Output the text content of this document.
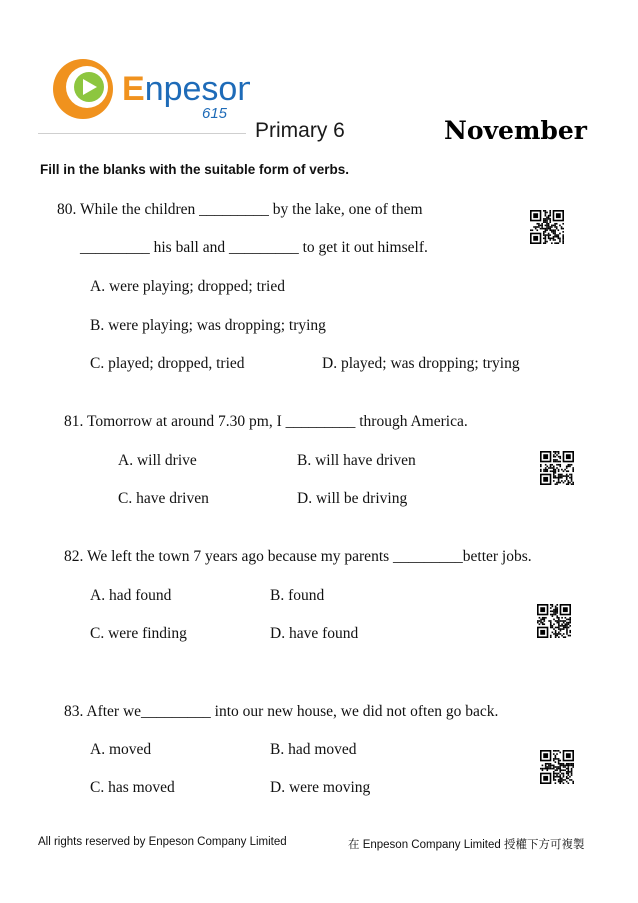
Enpeson
615
Primary 6	November
Fill in the blanks with the suitable form of verbs.
80. While the children _________ by the lake, one of them
_________ his ball and _________ to get it out himself.
A. were playing; dropped; tried
B. were playing; was dropping; trying
C. played; dropped, tried	D. played; was dropping; trying
81. Tomorrow at around 7.30 pm, I _________ through America.
A. will drive	B. will have driven
C. have driven	D. will be driving
82. We left the town 7 years ago because my parents _________better jobs.
A. had found	B. found
C. were finding	D. have found
83. After we_________ into our new house, we did not often go back.
A. moved	B. had moved
C. has moved	D. were moving
All rights reserved by Enpeson Company Limited	在 Enpeson Company Limited 授權下方可複製
